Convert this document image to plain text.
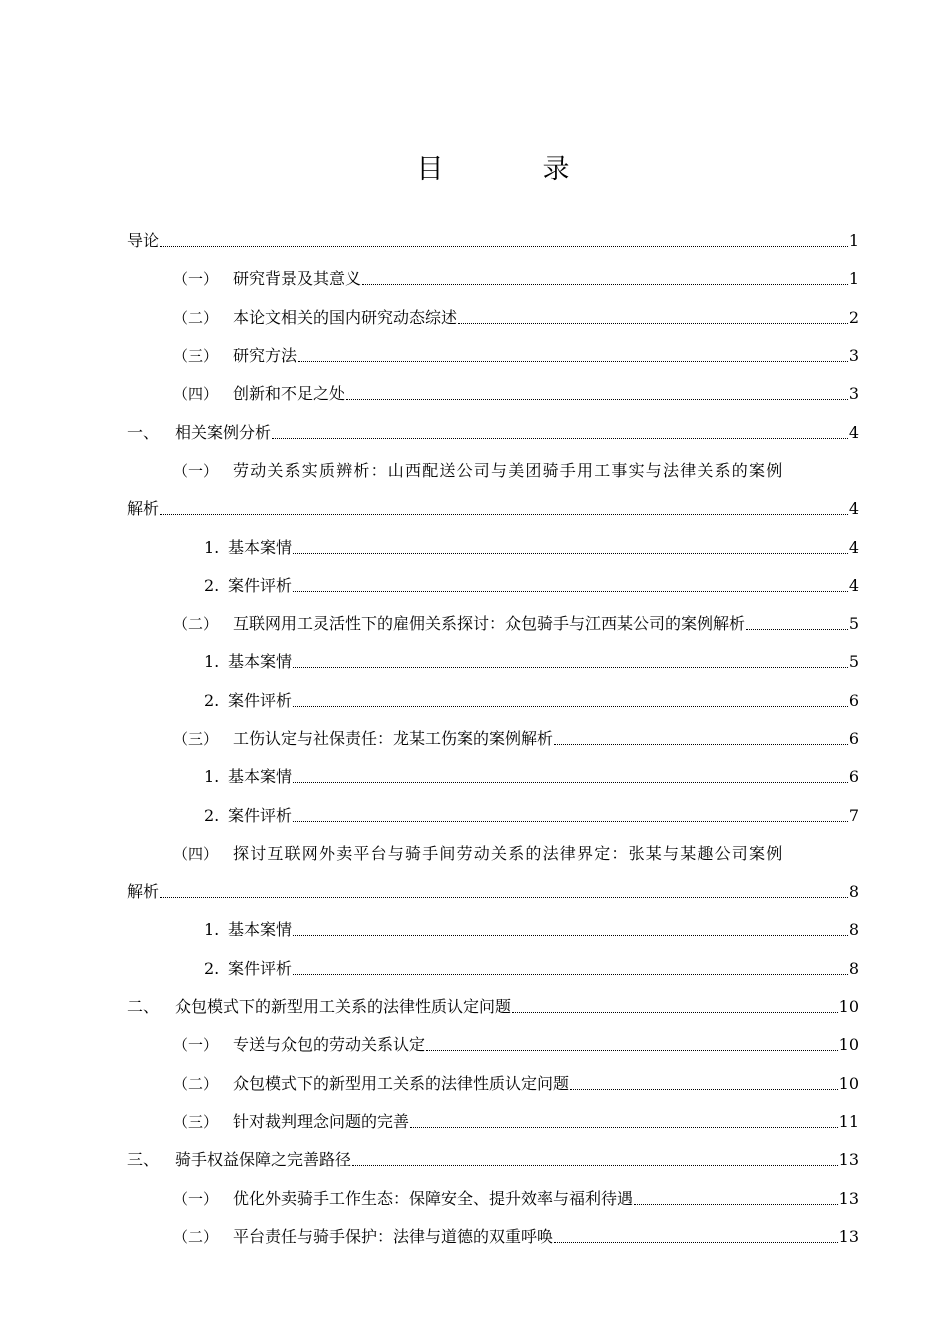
目　录
导论	1
（一） 研究背景及其意义	1
（二） 本论文相关的国内研究动态综述	2
（三） 研究方法	3
（四） 创新和不足之处	3
一、 相关案例分析	4
（一） 劳动关系实质辨析：山西配送公司与美团骑手用工事实与法律关系的案例
解析	4
1. 基本案情	4
2. 案件评析	4
（二） 互联网用工灵活性下的雇佣关系探讨：众包骑手与江西某公司的案例解析	5
1. 基本案情	5
2. 案件评析	6
（三） 工伤认定与社保责任：龙某工伤案的案例解析	6
1. 基本案情	6
2. 案件评析	7
（四） 探讨互联网外卖平台与骑手间劳动关系的法律界定：张某与某趣公司案例
解析	8
1. 基本案情	8
2. 案件评析	8
二、 众包模式下的新型用工关系的法律性质认定问题	10
（一） 专送与众包的劳动关系认定	10
（二） 众包模式下的新型用工关系的法律性质认定问题	10
（三） 针对裁判理念问题的完善	11
三、 骑手权益保障之完善路径	13
（一） 优化外卖骑手工作生态：保障安全、提升效率与福利待遇	13
（二） 平台责任与骑手保护：法律与道德的双重呼唤	13
